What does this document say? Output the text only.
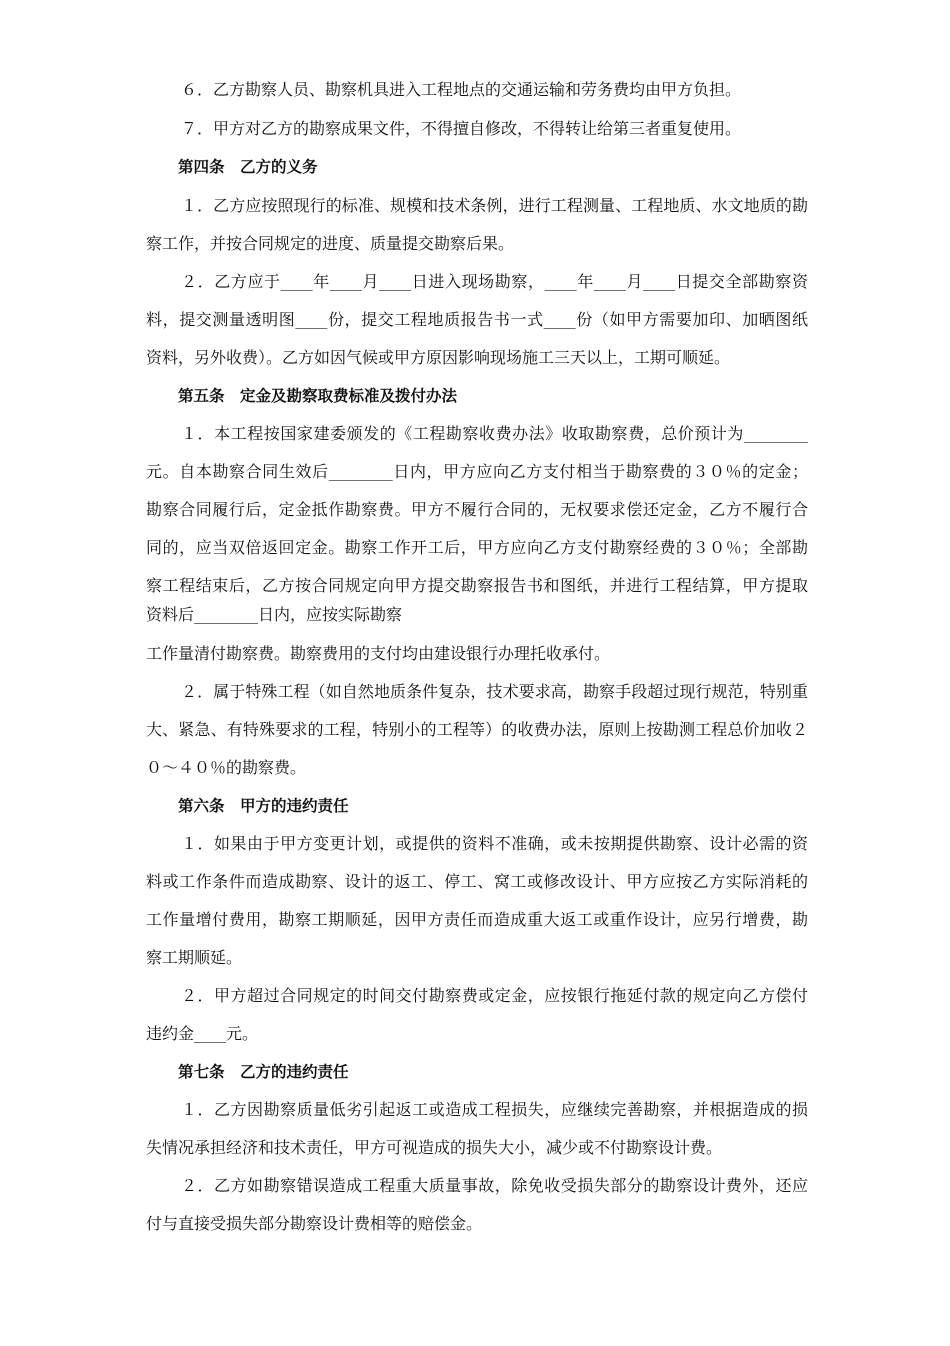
６．乙方勘察人员、勘察机具进入工程地点的交通运输和劳务费均由甲方负担。
７．甲方对乙方的勘察成果文件，不得擅自修改，不得转让给第三者重复使用。
第四条　乙方的义务
１．乙方应按照现行的标准、规模和技术条例，进行工程测量、工程地质、水文地质的勘
察工作，并按合同规定的进度、质量提交勘察后果。
２．乙方应于____年____月____日进入现场勘察，____年____月____日提交全部勘察资
料，提交测量透明图____份，提交工程地质报告书一式____份（如甲方需要加印、加晒图纸
资料，另外收费）。乙方如因气候或甲方原因影响现场施工三天以上，工期可顺延。
第五条　定金及勘察取费标准及拨付办法
１．本工程按国家建委颁发的《工程勘察收费办法》收取勘察费，总价预计为________
元。自本勘察合同生效后________日内，甲方应向乙方支付相当于勘察费的３０％的定金；
勘察合同履行后，定金抵作勘察费。甲方不履行合同的，无权要求偿还定金，乙方不履行合
同的，应当双倍返回定金。勘察工作开工后，甲方应向乙方支付勘察经费的３０％；全部勘
察工程结束后，乙方按合同规定向甲方提交勘察报告书和图纸，并进行工程结算，甲方提取
资料后________日内，应按实际勘察
工作量清付勘察费。勘察费用的支付均由建设银行办理托收承付。
２．属于特殊工程（如自然地质条件复杂，技术要求高，勘察手段超过现行规范，特别重
大、紧急、有特殊要求的工程，特别小的工程等）的收费办法，原则上按勘测工程总价加收２
０～４０％的勘察费。
第六条　甲方的违约责任
１．如果由于甲方变更计划，或提供的资料不准确，或未按期提供勘察、设计必需的资
料或工作条件而造成勘察、设计的返工、停工、窝工或修改设计、甲方应按乙方实际消耗的
工作量增付费用，勘察工期顺延，因甲方责任而造成重大返工或重作设计，应另行增费，勘
察工期顺延。
２．甲方超过合同规定的时间交付勘察费或定金，应按银行拖延付款的规定向乙方偿付
违约金____元。
第七条　乙方的违约责任
１．乙方因勘察质量低劣引起返工或造成工程损失，应继续完善勘察，并根据造成的损
失情况承担经济和技术责任，甲方可视造成的损失大小，减少或不付勘察设计费。
２．乙方如勘察错误造成工程重大质量事故，除免收受损失部分的勘察设计费外，还应
付与直接受损失部分勘察设计费相等的赔偿金。
